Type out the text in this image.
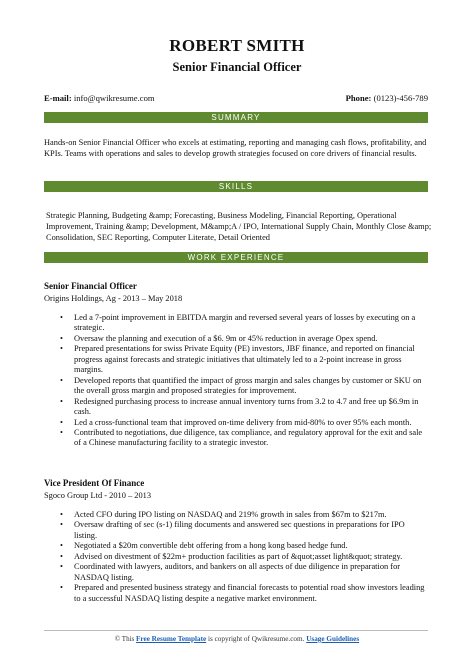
ROBERT SMITH
Senior Financial Officer
E-mail: info@qwikresume.com	Phone: (0123)-456-789
SUMMARY
Hands-on Senior Financial Officer who excels at estimating, reporting and managing cash flows, profitability, and KPIs. Teams with operations and sales to develop growth strategies focused on core drivers of financial results.
SKILLS
Strategic Planning, Budgeting &amp; Forecasting, Business Modeling, Financial Reporting, Operational Improvement, Training &amp; Development, M&amp;A / IPO, International Supply Chain, Monthly Close &amp; Consolidation, SEC Reporting, Computer Literate, Detail Oriented
WORK EXPERIENCE
Senior Financial Officer
Origins Holdings, Ag - 2013 – May 2018
• Led a 7-point improvement in EBITDA margin and reversed several years of losses by executing on a strategic.
• Oversaw the planning and execution of a $6. 9m or 45% reduction in average Opex spend.
• Prepared presentations for swiss Private Equity (PE) investors, JBF finance, and reported on financial progress against forecasts and strategic initiatives that ultimately led to a 2-point increase in gross margins.
• Developed reports that quantified the impact of gross margin and sales changes by customer or SKU on the overall gross margin and proposed strategies for improvement.
• Redesigned purchasing process to increase annual inventory turns from 3.2 to 4.7 and free up $6.9m in cash.
• Led a cross-functional team that improved on-time delivery from mid-80% to over 95% each month.
• Contributed to negotiations, due diligence, tax compliance, and regulatory approval for the exit and sale of a Chinese manufacturing facility to a strategic investor.
Vice President Of Finance
Sgoco Group Ltd - 2010 – 2013
• Acted CFO during IPO listing on NASDAQ and 219% growth in sales from $67m to $217m.
• Oversaw drafting of sec (s-1) filing documents and answered sec questions in preparations for IPO listing.
• Negotiated a $20m convertible debt offering from a hong kong based hedge fund.
• Advised on divestment of $22m+ production facilities as part of &quot;asset light&quot; strategy.
• Coordinated with lawyers, auditors, and bankers on all aspects of due diligence in preparation for NASDAQ listing.
• Prepared and presented business strategy and financial forecasts to potential road show investors leading to a successful NASDAQ listing despite a negative market environment.
© This Free Resume Template is copyright of Qwikresume.com. Usage Guidelines
